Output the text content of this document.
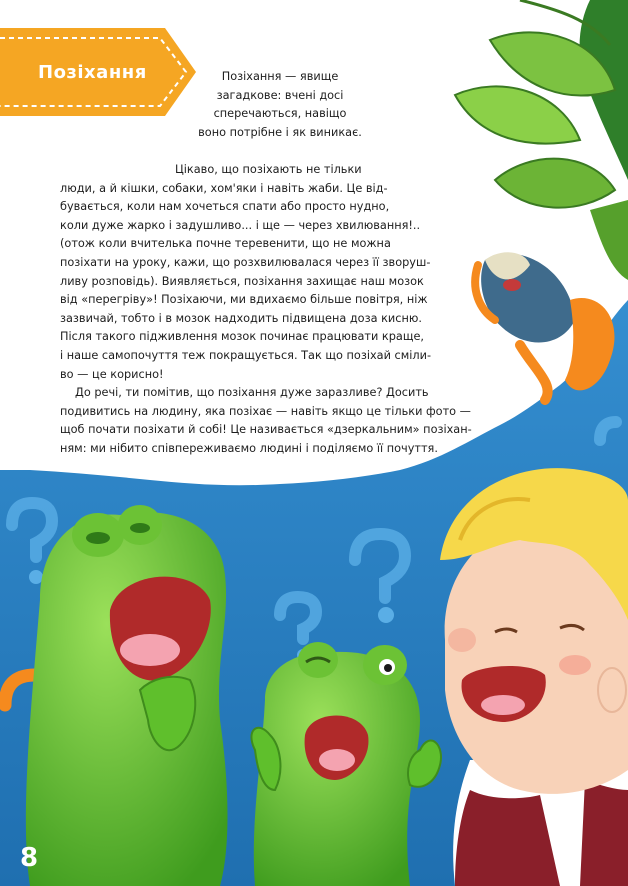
Позіхання	Позіхання — явище
загадкове: вчені досі
сперечаються, навіщо
воно потрібне і як виникає.
Цікаво, що позіхають не тільки
люди, а й кішки, собаки, хом'яки і навіть жаби. Це від-
бувається, коли нам хочеться спати або просто нудно,
коли дуже жарко і задушливо... і ще — через хвилювання!..
(отож коли вчителька почне теревенити, що не можна
позіхати на уроку, кажи, що розхвилювалася через її зворуш-
ливу розповідь). Виявляється, позіхання захищає наш мозок
від «перегріву»! Позіхаючи, ми вдихаємо більше повітря, ніж
зазвичай, тобто і в мозок надходить підвищена доза кисню.
Після такого підживлення мозок починає працювати краще,
і наше самопочуття теж покращується. Так що позіхай сміли-
во — це корисно!
До речі, ти помітив, що позіхання дуже заразливе? Досить
подивитись на людину, яка позіхає — навіть якщо це тільки фото —
щоб почати позіхати й собі! Це називається «дзеркальним» позіхан-
ням: ми нібито співпереживаємо людині і поділяємо її почуття.
8
